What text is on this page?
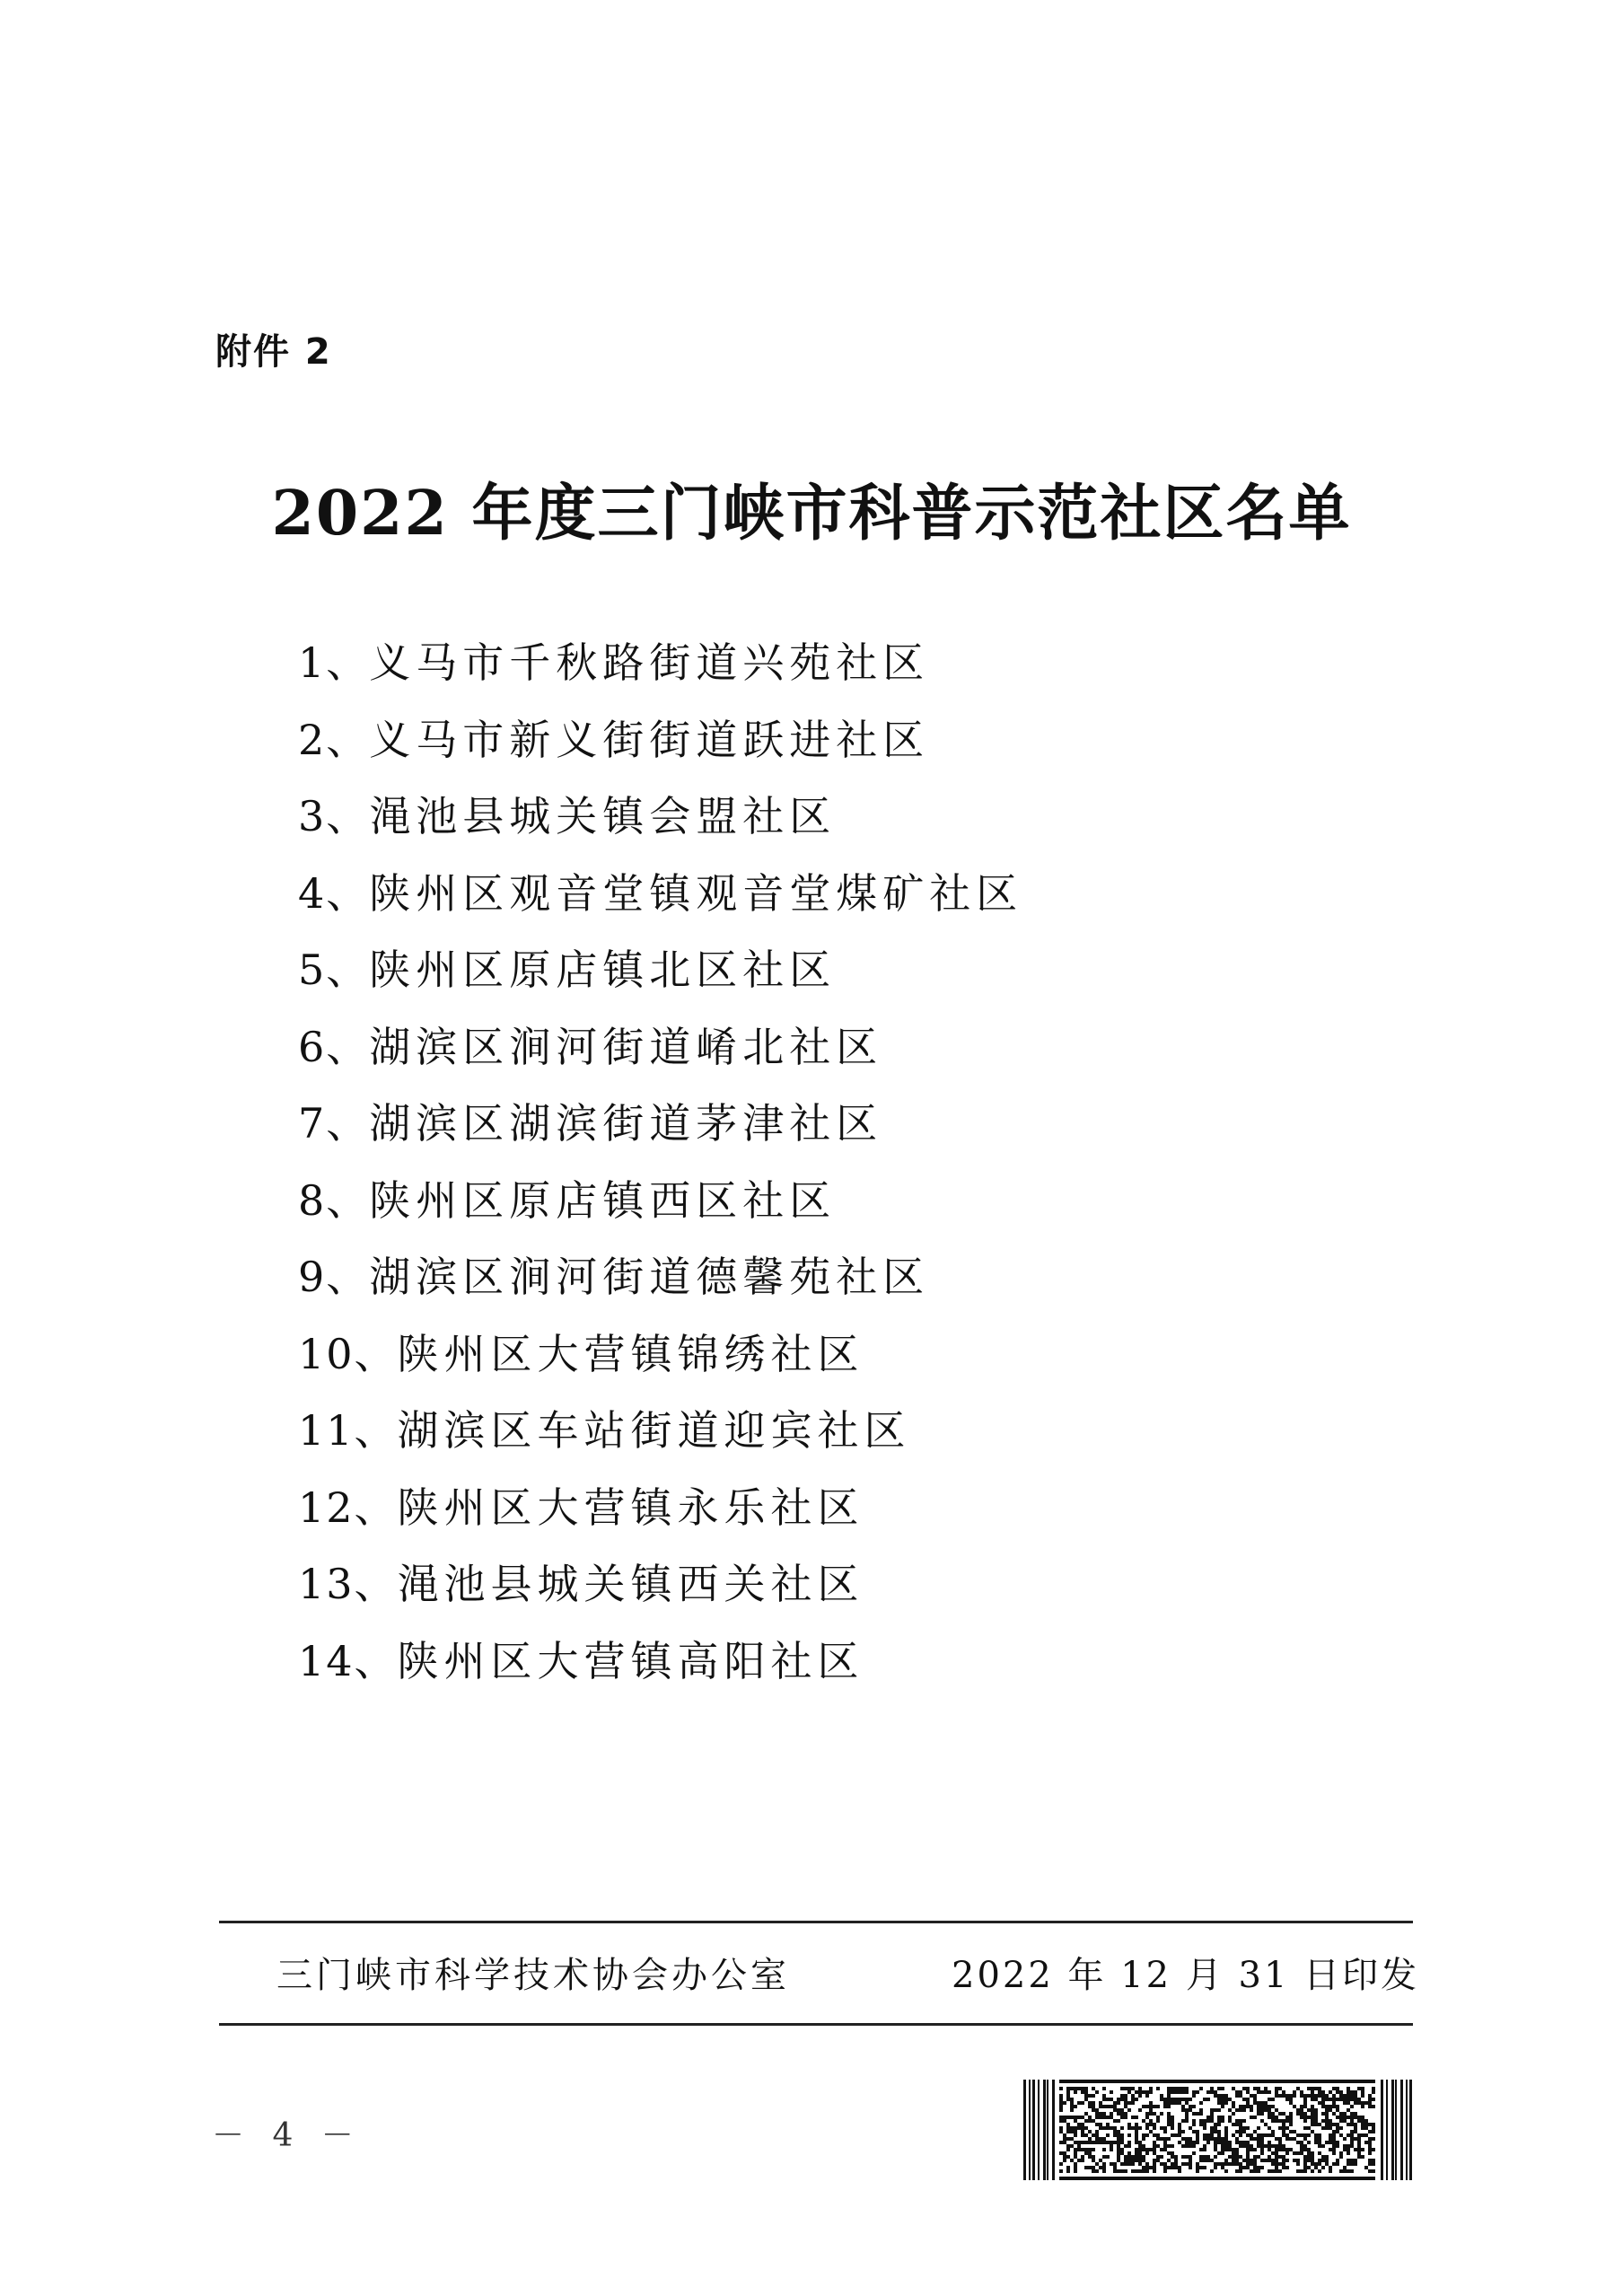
附件 2
2022 年度三门峡市科普示范社区名单
1、义马市千秋路街道兴苑社区
2、义马市新义街街道跃进社区
3、渑池县城关镇会盟社区
4、陕州区观音堂镇观音堂煤矿社区
5、陕州区原店镇北区社区
6、湖滨区涧河街道崤北社区
7、湖滨区湖滨街道茅津社区
8、陕州区原店镇西区社区
9、湖滨区涧河街道德馨苑社区
10、陕州区大营镇锦绣社区
11、湖滨区车站街道迎宾社区
12、陕州区大营镇永乐社区
13、渑池县城关镇西关社区
14、陕州区大营镇高阳社区
三门峡市科学技术协会办公室	2022 年 12 月 31 日印发
－ 4 －
